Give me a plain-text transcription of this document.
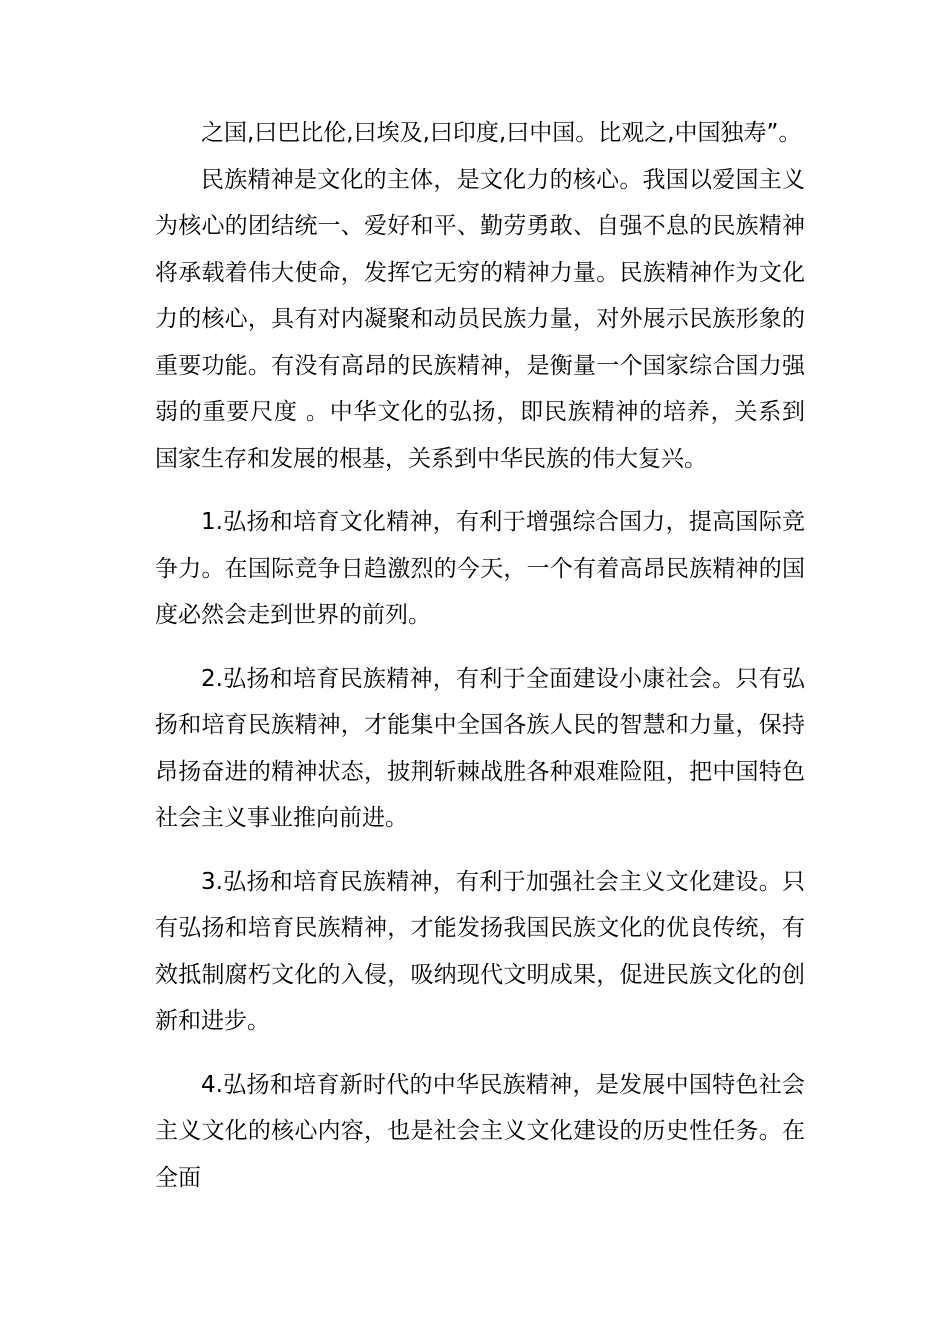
之国,曰巴比伦,曰埃及,曰印度,曰中国。比观之,中国独寿”。

民族精神是文化的主体，是文化力的核心。我国以爱国主义为核心的团结统一、爱好和平、勤劳勇敢、自强不息的民族精神将承载着伟大使命，发挥它无穷的精神力量。民族精神作为文化力的核心，具有对内凝聚和动员民族力量，对外展示民族形象的重要功能。有没有高昂的民族精神，是衡量一个国家综合国力强弱的重要尺度 。中华文化的弘扬，即民族精神的培养，关系到国家生存和发展的根基，关系到中华民族的伟大复兴。

1.弘扬和培育文化精神，有利于增强综合国力，提高国际竞争力。在国际竞争日趋激烈的今天，一个有着高昂民族精神的国度必然会走到世界的前列。

2.弘扬和培育民族精神，有利于全面建设小康社会。只有弘扬和培育民族精神，才能集中全国各族人民的智慧和力量，保持昂扬奋进的精神状态，披荆斩棘战胜各种艰难险阻，把中国特色社会主义事业推向前进。

3.弘扬和培育民族精神，有利于加强社会主义文化建设。只有弘扬和培育民族精神，才能发扬我国民族文化的优良传统，有效抵制腐朽文化的入侵，吸纳现代文明成果，促进民族文化的创新和进步。

4.弘扬和培育新时代的中华民族精神，是发展中国特色社会主义文化的核心内容，也是社会主义文化建设的历史性任务。在全面
